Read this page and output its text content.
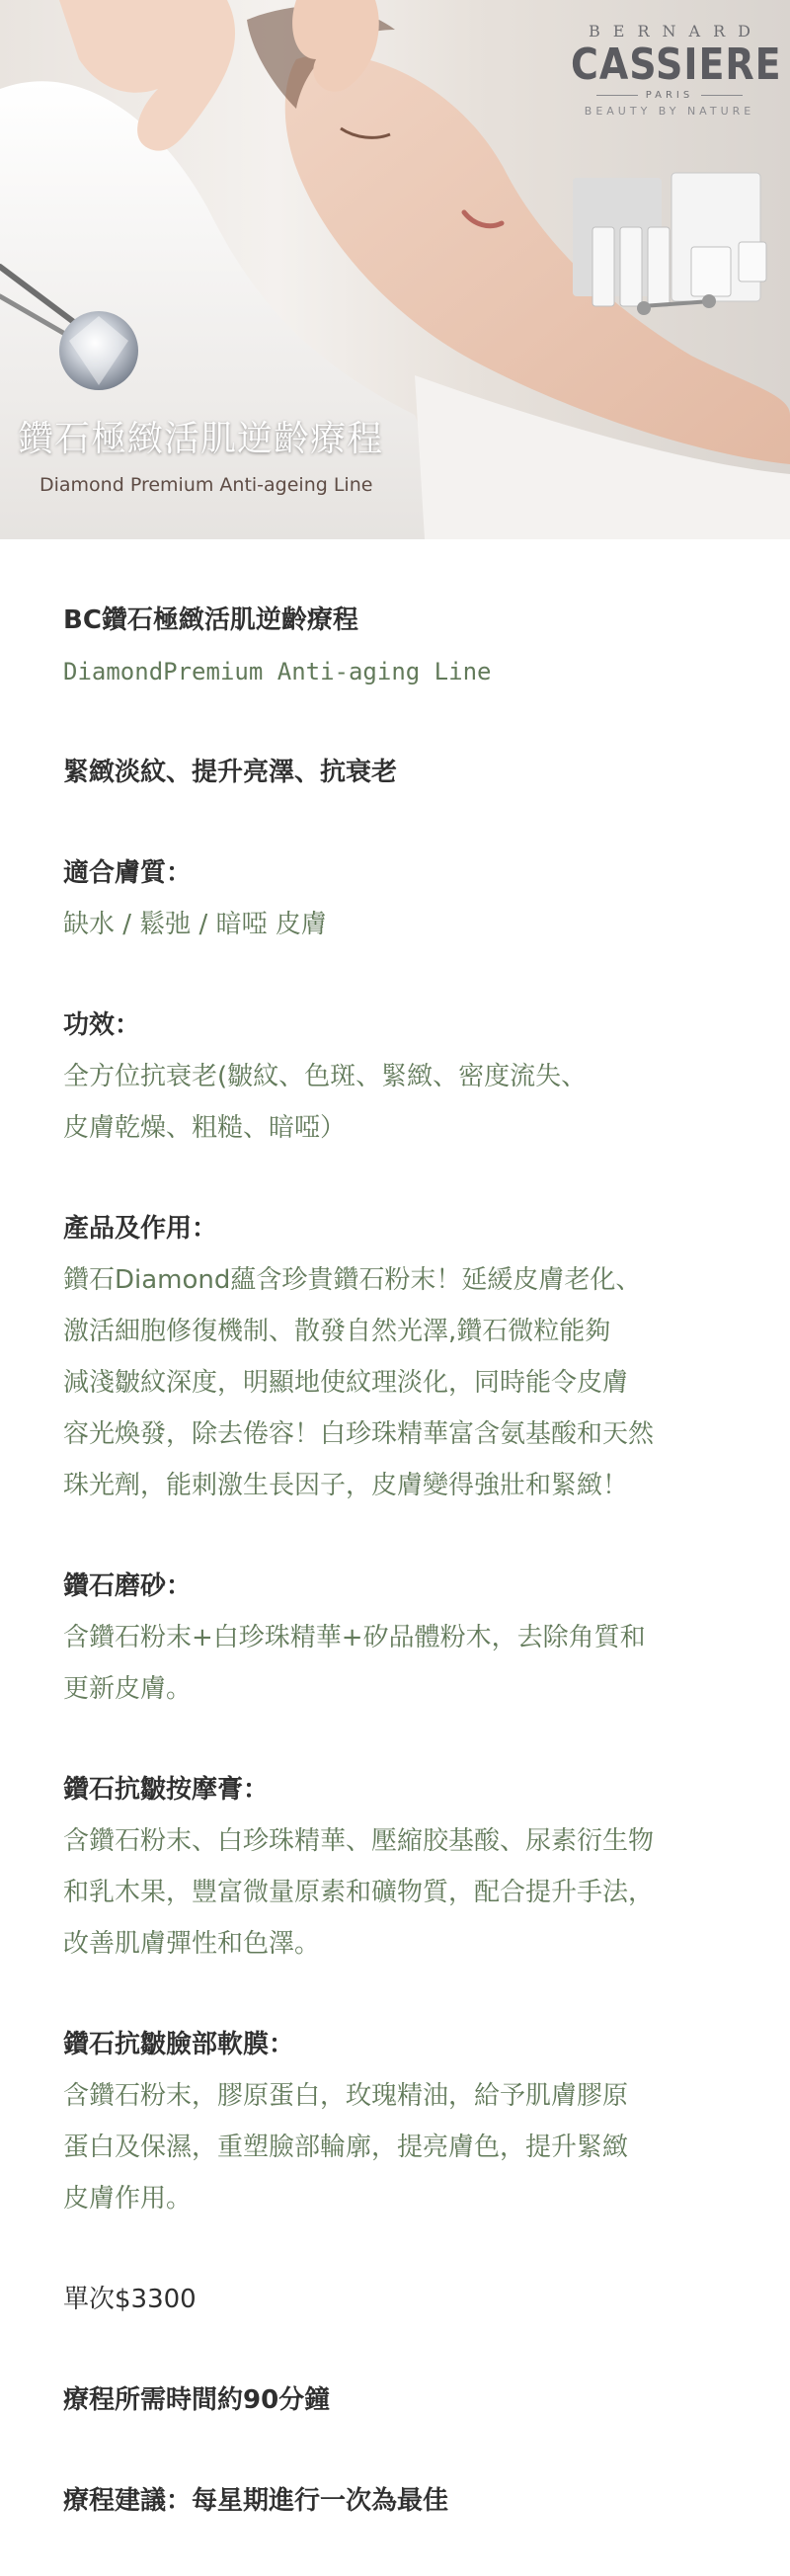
BERNARD
CASSIERE
PARIS
BEAUTY BY NATURE
鑽石極緻活肌逆齡療程
Diamond Premium Anti-ageing Line
BC鑽石極緻活肌逆齡療程
DiamondPremium Anti-aging Line
緊緻淡紋、提升亮澤、抗衰老
適合膚質：
缺水 / 鬆弛 / 暗啞 皮膚
功效：
全方位抗衰老(皺紋、色斑、緊緻、密度流失、
皮膚乾燥、粗糙、暗啞）
產品及作用：
鑽石Diamond蘊含珍貴鑽石粉末！延緩皮膚老化、
激活細胞修復機制、散發自然光澤,鑽石微粒能夠
減淺皺紋深度，明顯地使紋理淡化，同時能令皮膚
容光煥發，除去倦容！白珍珠精華富含氨基酸和天然
珠光劑，能刺激生長因子，皮膚變得強壯和緊緻！
鑽石磨砂：
含鑽石粉末+白珍珠精華+矽品體粉木，去除角質和
更新皮膚。
鑽石抗皺按摩膏：
含鑽石粉末、白珍珠精華、壓縮胶基酸、尿素衍生物
和乳木果，豐富微量原素和礦物質，配合提升手法，
改善肌膚彈性和色澤。
鑽石抗皺臉部軟膜：
含鑽石粉末，膠原蛋白，玫瑰精油，給予肌膚膠原
蛋白及保濕，重塑臉部輪廓，提亮膚色，提升緊緻
皮膚作用。
單次$3300
療程所需時間約90分鐘
療程建議：每星期進行一次為最佳
